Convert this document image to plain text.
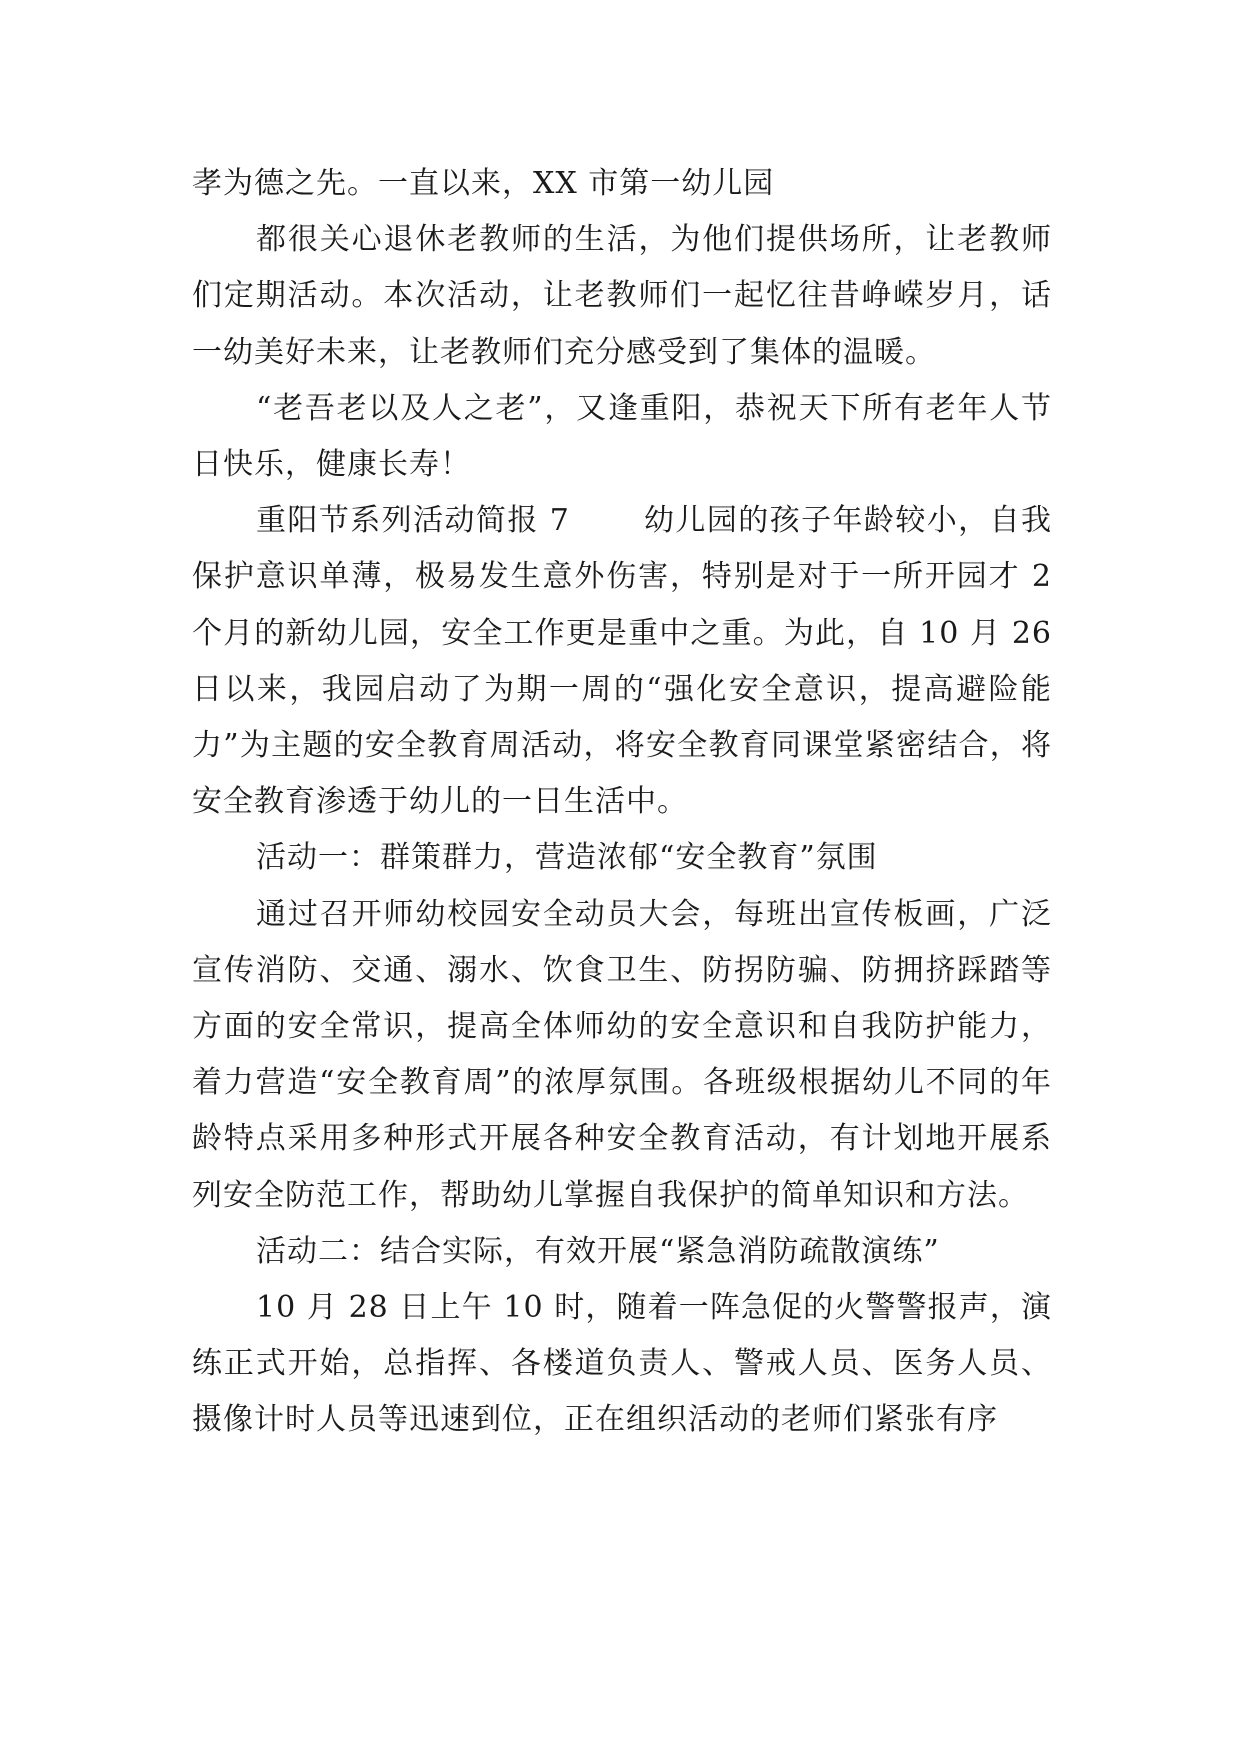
孝为德之先。一直以来，XX 市第一幼儿园

都很关心退休老教师的生活，为他们提供场所，让老教师们定期活动。本次活动，让老教师们一起忆往昔峥嵘岁月，话一幼美好未来，让老教师们充分感受到了集体的温暖。

“老吾老以及人之老”，又逢重阳，恭祝天下所有老年人节日快乐，健康长寿！

重阳节系列活动简报 7　　 幼儿园的孩子年龄较小，自我保护意识单薄，极易发生意外伤害，特别是对于一所开园才 2 个月的新幼儿园，安全工作更是重中之重。为此，自 10 月 26 日以来，我园启动了为期一周的“强化安全意识，提高避险能力”为主题的安全教育周活动，将安全教育同课堂紧密结合，将安全教育渗透于幼儿的一日生活中。

活动一：群策群力，营造浓郁“安全教育”氛围

通过召开师幼校园安全动员大会，每班出宣传板画，广泛宣传消防、交通、溺水、饮食卫生、防拐防骗、防拥挤踩踏等方面的安全常识，提高全体师幼的安全意识和自我防护能力，着力营造“安全教育周”的浓厚氛围。各班级根据幼儿不同的年龄特点采用多种形式开展各种安全教育活动，有计划地开展系列安全防范工作，帮助幼儿掌握自我保护的简单知识和方法。

活动二：结合实际，有效开展“紧急消防疏散演练”

10 月 28 日上午 10 时，随着一阵急促的火警警报声，演练正式开始，总指挥、各楼道负责人、警戒人员、医务人员、摄像计时人员等迅速到位，正在组织活动的老师们紧张有序
